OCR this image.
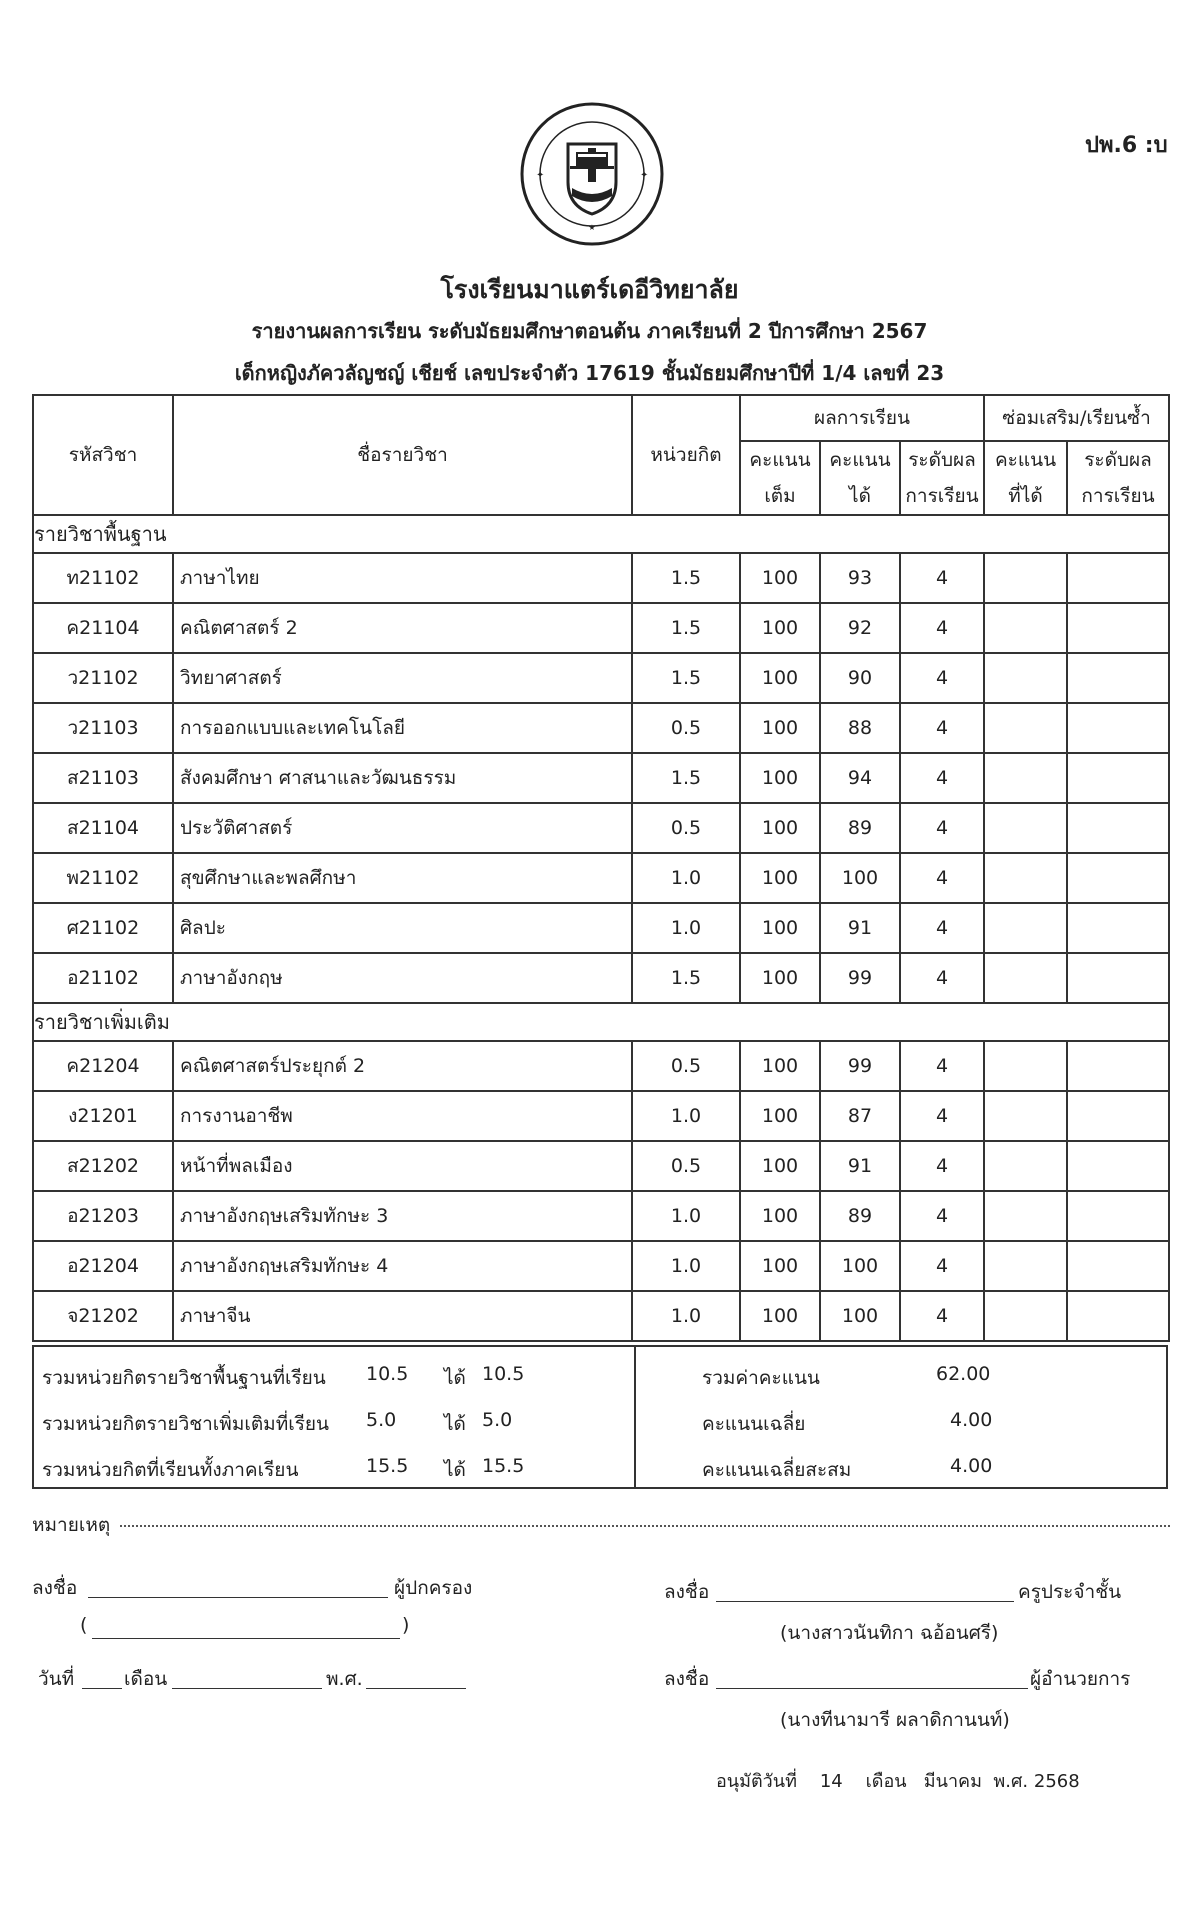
ปพ.6 :บ
★
✦	✦
โรงเรียนมาแตร์เดอีวิทยาลัย
รายงานผลการเรียน ระดับมัธยมศึกษาตอนต้น ภาคเรียนที่ 2 ปีการศึกษา 2567
เด็กหญิงภัควลัญชญ์ เชียช์ เลขประจำตัว 17619 ชั้นมัธยมศึกษาปีที่ 1/4 เลขที่ 23
รหัสวิชา	ชื่อรายวิชา	หน่วยกิต	ผลการเรียน			ซ่อมเสริม/เรียนซ้ำ	
			คะแนน	คะแนน	ระดับผล	คะแนน	ระดับผล
			เต็ม	ได้	การเรียน	ที่ได้	การเรียน
รายวิชาพื้นฐาน							
ท21102	ภาษาไทย	1.5	100	93	4		
ค21104	คณิตศาสตร์ 2	1.5	100	92	4		
ว21102	วิทยาศาสตร์	1.5	100	90	4		
ว21103	การออกแบบและเทคโนโลยี	0.5	100	88	4		
ส21103	สังคมศึกษา ศาสนาและวัฒนธรรม	1.5	100	94	4		
ส21104	ประวัติศาสตร์	0.5	100	89	4		
พ21102	สุขศึกษาและพลศึกษา	1.0	100	100	4		
ศ21102	ศิลปะ	1.0	100	91	4		
อ21102	ภาษาอังกฤษ	1.5	100	99	4		
รายวิชาเพิ่มเติม							
ค21204	คณิตศาสตร์ประยุกต์ 2	0.5	100	99	4		
ง21201	การงานอาชีพ	1.0	100	87	4		
ส21202	หน้าที่พลเมือง	0.5	100	91	4		
อ21203	ภาษาอังกฤษเสริมทักษะ 3	1.0	100	89	4		
อ21204	ภาษาอังกฤษเสริมทักษะ 4	1.0	100	100	4		
จ21202	ภาษาจีน	1.0	100	100	4		
รวมหน่วยกิตรายวิชาพื้นฐานที่เรียน 10.5 ได้ 10.5
รวมหน่วยกิตรายวิชาเพิ่มเติมที่เรียน 5.0	ได้ 5.0
รวมหน่วยกิตที่เรียนทั้งภาคเรียน	15.5 ได้ 15.5
รวมค่าคะแนน	62.00
คะแนนเฉลี่ย	4.00
คะแนนเฉลี่ยสะสม	4.00
หมายเหตุ
ลงชื่อ	ผู้ปกครอง
(	)
ลงชื่อ	ครูประจำชั้น
(นางสาวนันทิกา ฉอ้อนศรี)
วันที่	เดือน	พ.ศ.	ลงชื่อ	ผู้อำนวยการ
(นางทีนามารี ผลาดิกานนท์)
อนุมัติวันที่ 14 เดือน มีนาคม พ.ศ. 2568
